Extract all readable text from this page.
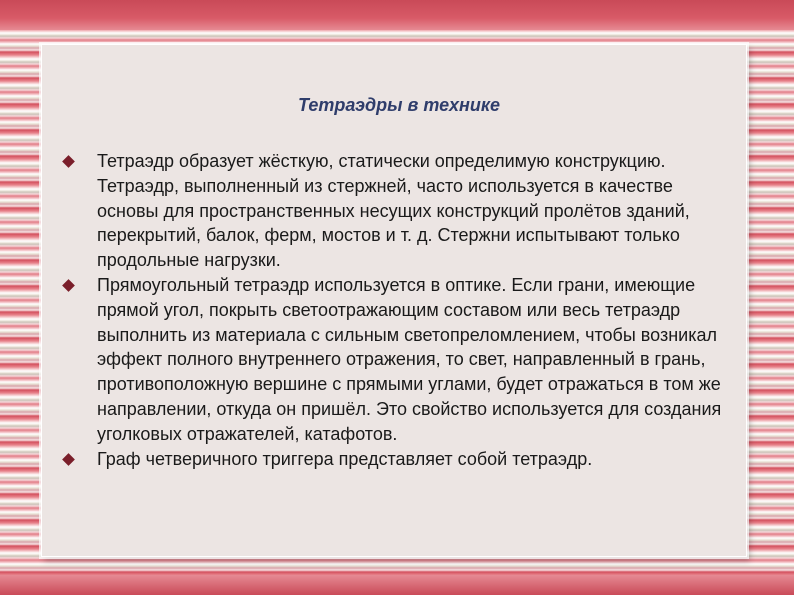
Тетраэдры в технике
Тетраэдр образует жёсткую, статически определимую конструкцию. Тетраэдр, выполненный из стержней, часто используется в качестве основы для пространственных несущих конструкций пролётов зданий, перекрытий, балок, ферм, мостов и т. д. Стержни испытывают только продольные нагрузки.
Прямоугольный тетраэдр используется в оптике. Если грани, имеющие прямой угол, покрыть светоотражающим составом или весь тетраэдр выполнить из материала с сильным светопреломлением, чтобы возникал эффект полного внутреннего отражения, то свет, направленный в грань, противоположную вершине с прямыми углами, будет отражаться в том же направлении, откуда он пришёл. Это свойство используется для создания уголковых отражателей, катафотов.
Граф четверичного триггера представляет собой тетраэдр.
